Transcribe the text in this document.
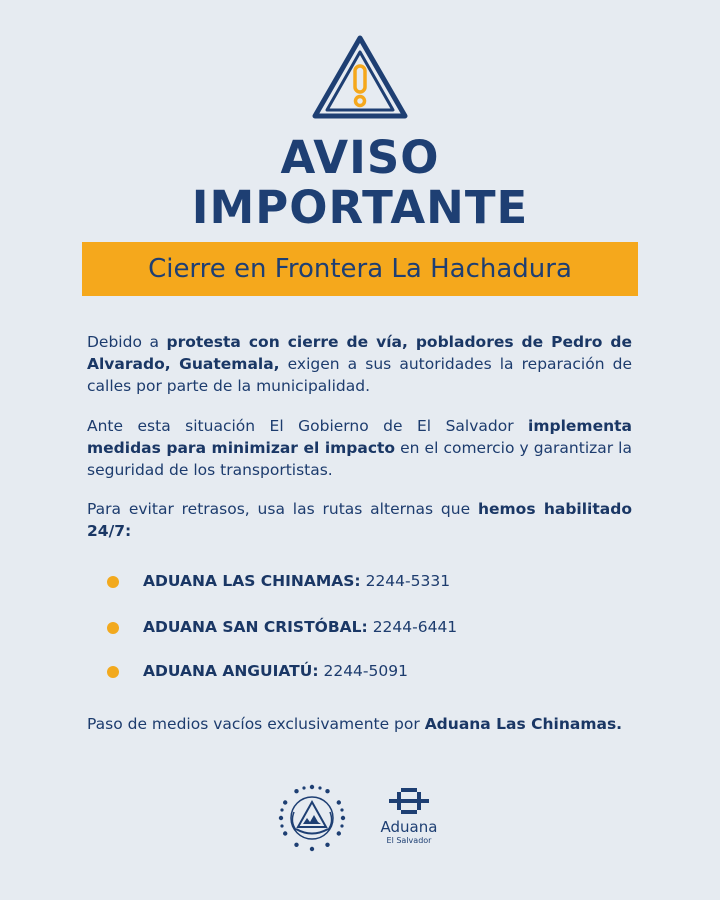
AVISO
IMPORTANTE
Cierre en Frontera La Hachadura
Debido a protesta con cierre de vía, pobladores de Pedro de Alvarado, Guatemala, exigen a sus autoridades la reparación de calles por parte de la municipalidad.
Ante esta situación El Gobierno de El Salvador implementa medidas para minimizar el impacto en el comercio y garantizar la seguridad de los transportistas.
Para evitar retrasos, usa las rutas alternas que hemos habilitado 24/7:
ADUANA LAS CHINAMAS: 2244-5331
ADUANA SAN CRISTÓBAL: 2244-6441
ADUANA ANGUIATÚ: 2244-5091
Paso de medios vacíos exclusivamente por Aduana Las Chinamas.
Aduana
El Salvador
